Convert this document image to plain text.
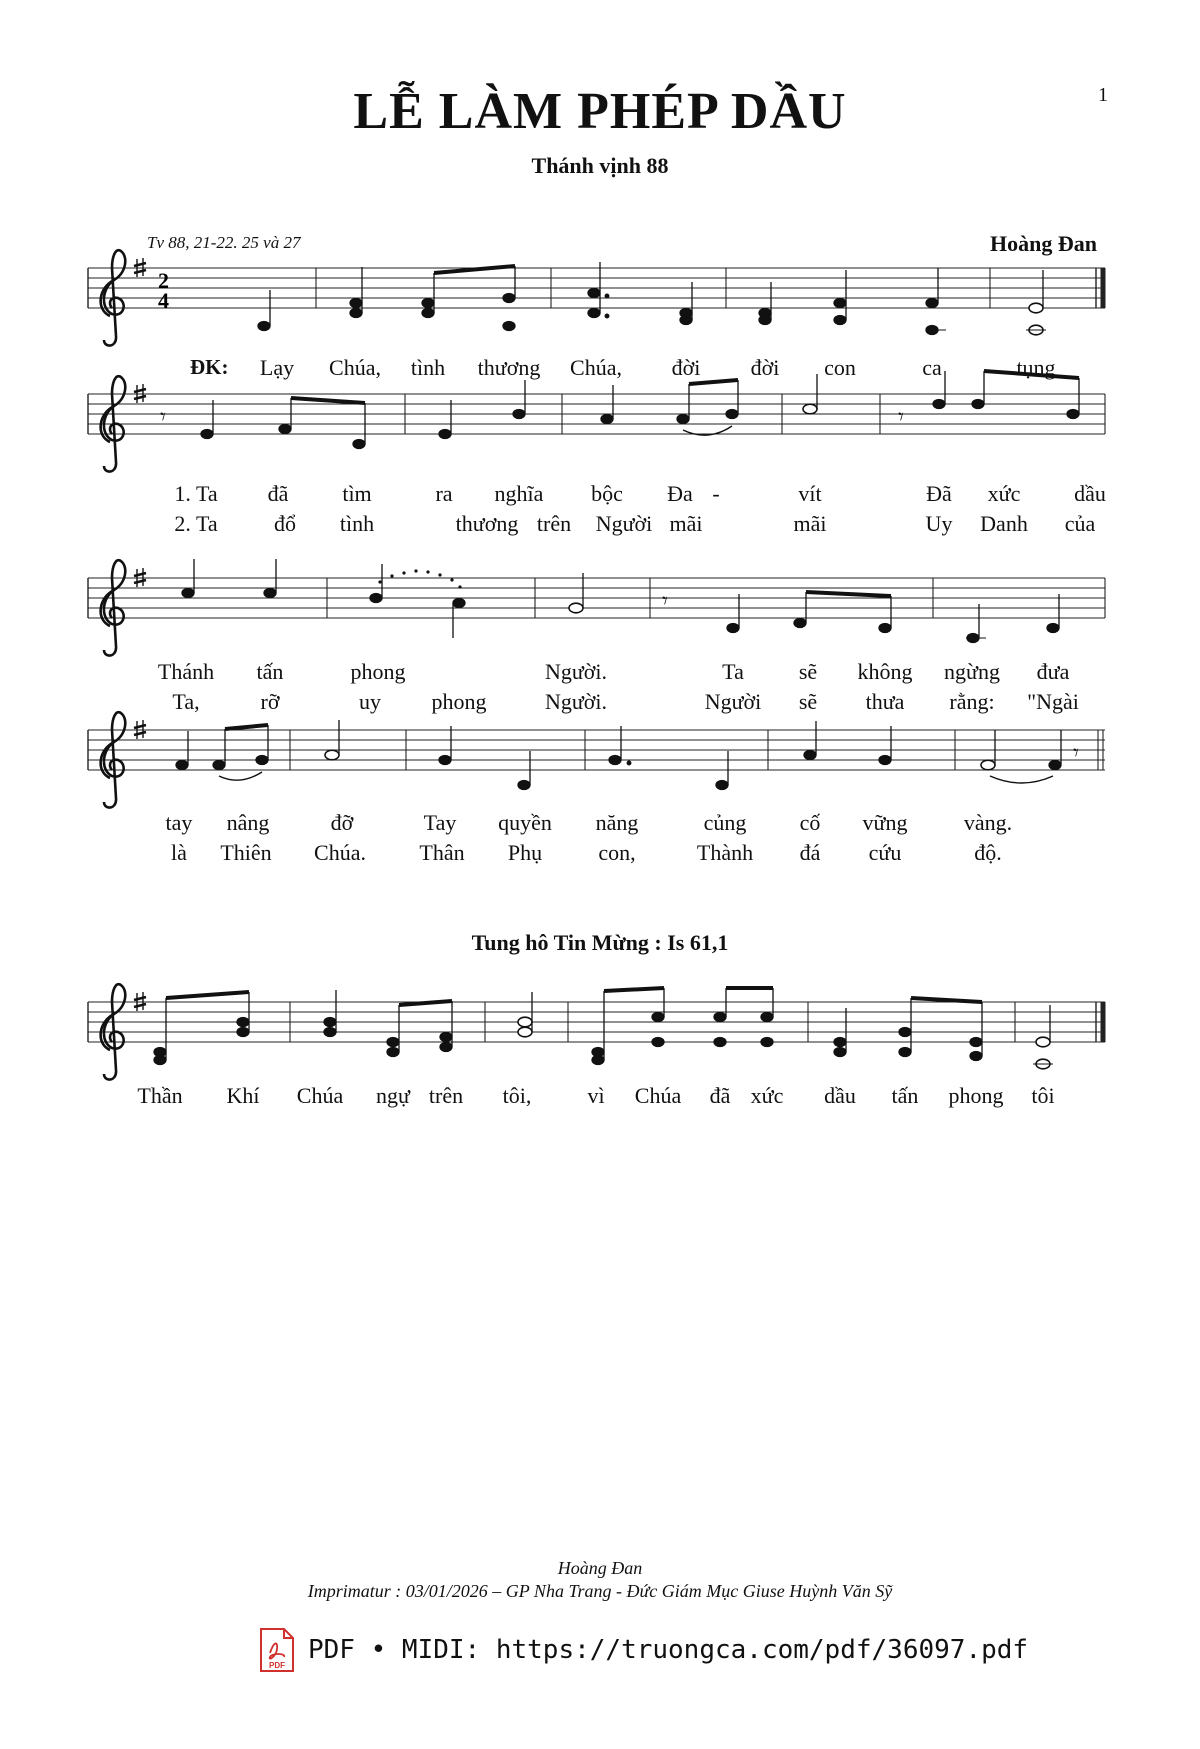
LỄ LÀM PHÉP DẦU	1
Thánh vịnh 88
Tv 88, 21-22. 25 và 27	Hoàng Đan
2
4
𝄾	𝄾
𝄾
𝄾
ĐK: Lạy Chúa, tình thương Chúa, đời đời con	ca	tụng
1. Ta đã tìm	ra nghĩa bộc Đa -	vít	Đã xức dầu
2. Ta	đổ tình	thương trên Người mãi	mãi	Uy Danh của
Thánh tấn	phong	Người.	Ta	sẽ không ngừng đưa
Ta,	rỡ	uy phong	Người.	Người sẽ thưa rằng: "Ngài
tay nâng	đỡ	Tay quyền năng	củng cố vững	vàng.
là Thiên Chúa. Thân Phụ	con,	Thành đá cứu	độ.
Thần Khí Chúa ngự trên tôi,	vì Chúa đã xức dầu tấn phong tôi
Tung hô Tin Mừng : Is 61,1
Hoàng Đan
Imprimatur : 03/01/2026 – GP Nha Trang - Đức Giám Mục Giuse Huỳnh Văn Sỹ
PDF
PDF • MIDI: https://truongca.com/pdf/36097.pdf
